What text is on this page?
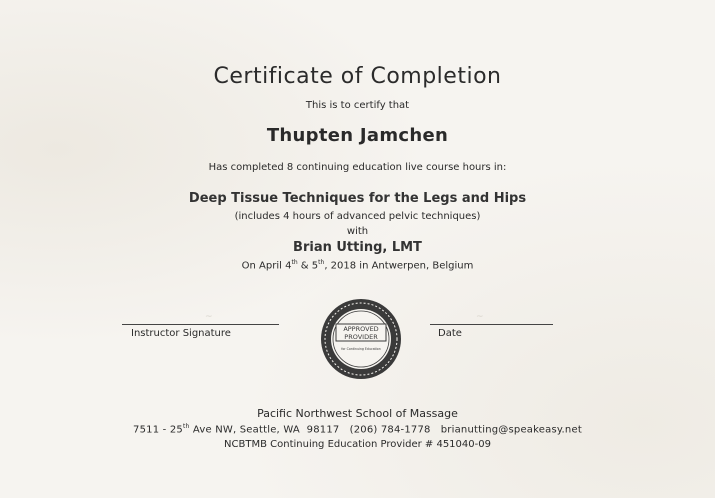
Certificate of Completion
This is to certify that
Thupten Jamchen
Has completed 8 continuing education live course hours in:
Deep Tissue Techniques for the Legs and Hips
(includes 4 hours of advanced pelvic techniques)
with
Brian Utting, LMT
On April 4th & 5th, 2018 in Antwerpen, Belgium
~	~
Instructor Signature	Date
APPROVED
PROVIDER
for Continuing Education
Pacific Northwest School of Massage
7511 - 25th Ave NW, Seattle, WA  98117   (206) 784-1778   brianutting@speakeasy.net
NCBTMB Continuing Education Provider # 451040-09
